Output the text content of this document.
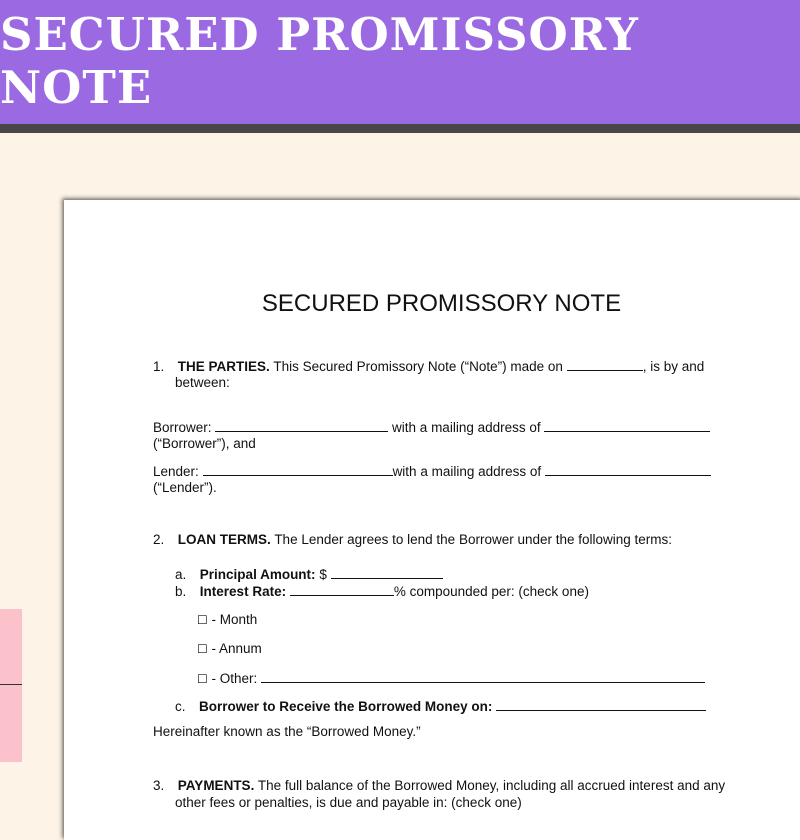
SECURED PROMISSORY NOTE
SECURED PROMISSORY NOTE
1. THE PARTIES. This Secured Promissory Note (“Note”) made on	, is by and
between:
Borrower:	with a mailing address of
(“Borrower”), and
Lender:	with a mailing address of
(“Lender”).
2. LOAN TERMS. The Lender agrees to lend the Borrower under the following terms:
a. Principal Amount: $
b. Interest Rate:	% compounded per: (check one)
☐ - Month
☐ - Annum
☐ - Other:
c. Borrower to Receive the Borrowed Money on:
Hereinafter known as the “Borrowed Money.”
3. PAYMENTS. The full balance of the Borrowed Money, including all accrued interest and any
other fees or penalties, is due and payable in: (check one)
